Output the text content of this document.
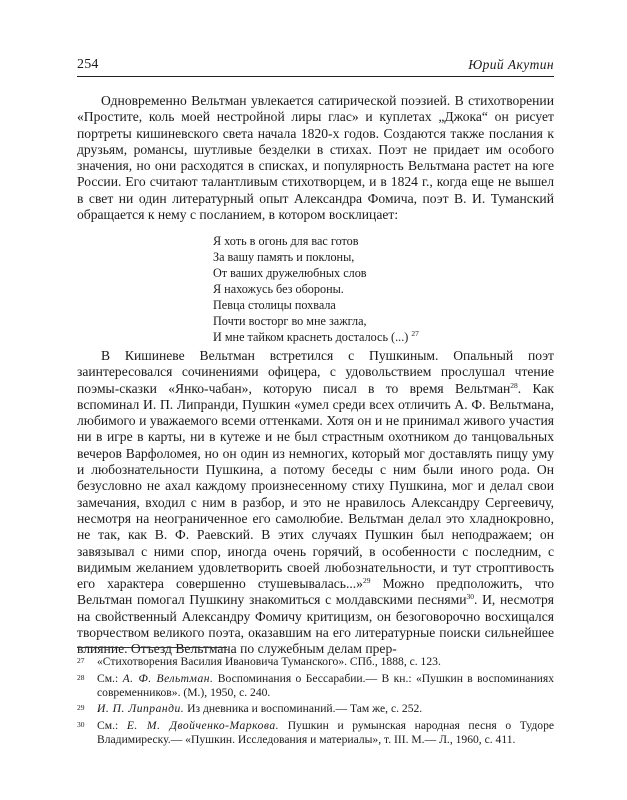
254	Юрий Акутин

Одновременно Вельтман увлекается сатирической поэзией. В стихотворении «Простите, коль моей нестройной лиры глас» и куплетах „Джока“ он рисует портреты кишиневского света начала 1820-х годов. Создаются также послания к друзьям, романсы, шутливые безделки в стихах. Поэт не придает им особого значения, но они расходятся в списках, и популярность Вельтмана растет на юге России. Его считают талантливым стихотворцем, и в 1824 г., когда еще не вышел в свет ни один литературный опыт Александра Фомича, поэт В. И. Туманский обращается к нему с посланием, в котором восклицает:

Я хоть в огонь для вас готов
За вашу память и поклоны,
От ваших дружелюбных слов
Я нахожусь без обороны.
Певца столицы похвала
Почти восторг во мне зажгла,
И мне тайком краснеть досталось (...) $^{27}$

В Кишиневе Вельтман встретился с Пушкиным. Опальный поэт заинтересовался сочинениями офицера, с удовольствием прослушал чтение поэмы-сказки «Янко-чабан», которую писал в то время Вельтман$^{28}$. Как вспоминал И. П. Липранди, Пушкин «умел среди всех отличить А. Ф. Вельтмана, любимого и уважаемого всеми оттенками. Хотя он и не принимал живого участия ни в игре в карты, ни в кутеже и не был страстным охотником до танцовальных вечеров Варфоломея, но он один из немногих, который мог доставлять пищу уму и любознательности Пушкина, а потому беседы с ним были иного рода. Он безусловно не ахал каждому произнесенному стиху Пушкина, мог и делал свои замечания, входил с ним в разбор, и это не нравилось Александру Сергеевичу, несмотря на неограниченное его самолюбие. Вельтман делал это хладнокровно, не так, как В. Ф. Раевский. В этих случаях Пушкин был неподражаем; он завязывал с ними спор, иногда очень горячий, в особенности с последним, с видимым желанием удовлетворить своей любознательности, и тут строптивость его характера совершенно стушевывалась...»$^{29}$ Можно предположить, что Вельтман помогал Пушкину знакомиться с молдавскими песнями$^{30}$. И, несмотря на свойственный Александру Фомичу критицизм, он безоговорочно восхищался творчеством великого поэта, оказавшим на его литературные поиски сильнейшее влияние. Отъезд Вельтмана по служебным делам прер-

27	«Стихотворения Василия Ивановича Туманского». СПб., 1888, с. 123.
28	См.: А. Ф. Вельтман. Воспоминания о Бессарабии.— В кн.: «Пушкин в воспоминаниях современников». (М.), 1950, с. 240.
29	И. П. Липранди. Из дневника и воспоминаний.— Там же, с. 252.
30	См.: Е. М. Двойченко-Маркова. Пушкин и румынская народная песня о Тудоре Владимиреску.— «Пушкин. Исследования и материалы», т. III. М.— Л., 1960, с. 411.
